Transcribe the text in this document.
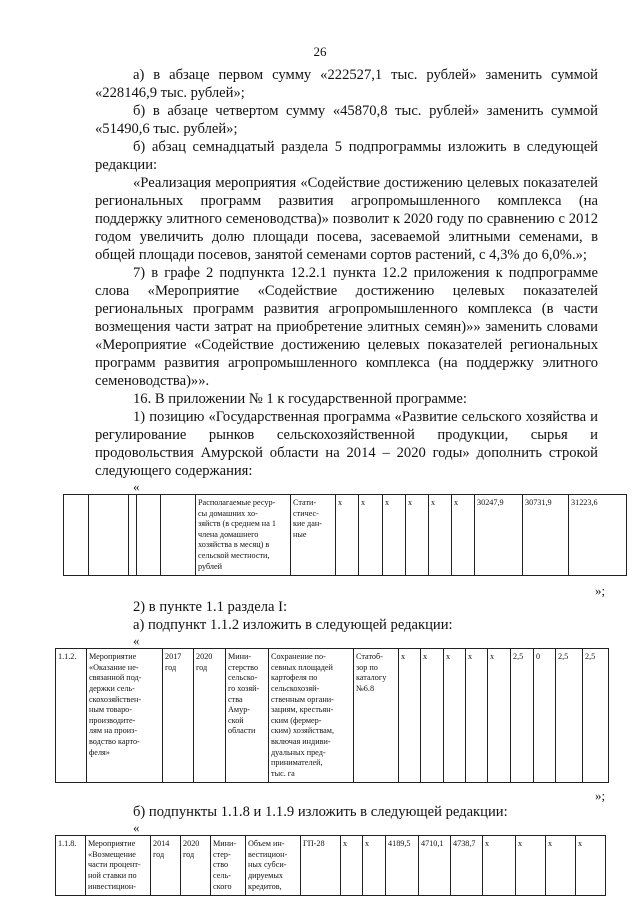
26
а) в абзаце первом сумму «222527,1 тыс. рублей» заменить суммой «228146,9 тыс. рублей»;
б) в абзаце четвертом сумму «45870,8 тыс. рублей» заменить суммой «51490,6 тыс. рублей»;
б) абзац семнадцатый раздела 5 подпрограммы изложить в следующей редакции:
«Реализация мероприятия «Содействие достижению целевых показателей региональных программ развития агропромышленного комплекса (на поддержку элитного семеноводства)» позволит к 2020 году по сравнению с 2012 годом увеличить долю площади посева, засеваемой элитными семенами, в общей площади посевов, занятой семенами сортов растений, с 4,3% до 6,0%.»;
7) в графе 2 подпункта 12.2.1 пункта 12.2 приложения к подпрограмме слова «Мероприятие «Содействие достижению целевых показателей региональных программ развития агропромышленного комплекса (в части возмещения части затрат на приобретение элитных семян)»» заменить словами «Мероприятие «Содействие достижению целевых показателей региональных программ развития агропромышленного комплекса (на поддержку элитного семеноводства)»».
16. В приложении № 1 к государственной программе:
1) позицию «Государственная программа «Развитие сельского хозяйства и регулирование рынков сельскохозяйственной продукции, сырья и продовольствия Амурской области на 2014 – 2020 годы» дополнить строкой следующего содержания:
«
					Располагаемые ресур-
сы домашних хо-
зяйств (в среднем на 1
члена домашнего
хозяйства в месяц) в
сельской местности,
рублей	Стати-
стичес-
кие дан-
ные	х	х	х	х	х	х	30247,9	30731,9	31223,6
»;
2) в пункте 1.1 раздела I:
а) подпункт 1.1.2 изложить в следующей редакции:
«
1.1.2.	Мероприятие
«Оказание не-
связанной под-
держки сель-
скохозяйствен-
ным товаро-
производите-
лям на произ-
водство карто-
феля»	2017
год	2020
год	Мини-
стерство
сельско-
го хозяй-
ства
Амур-
ской
области	Сохранение по-
севных площадей
картофеля по
сельскохозяй-
ственным органи-
зациям, крестьян-
ским (фермер-
ским) хозяйствам,
включая индиви-
дуальных пред-
принимателей,
тыс. га	Статоб-
зор по
каталогу
№6.8	х	х	х	х	х	2,5	0	2,5	2,5
»;
б) подпункты 1.1.8 и 1.1.9 изложить в следующей редакции:
«
1.1.8.	Мероприятие
«Возмещение
части процент-
ной ставки по
инвестицион-	2014
год	2020
год	Мини-
стер-
ство
сель-
ского	Объем ин-
вестицион-
ных субси-
дируемых
кредитов,	ГП-28	х	х	4189,5	4710,1	4738,7	х	х	х	х
